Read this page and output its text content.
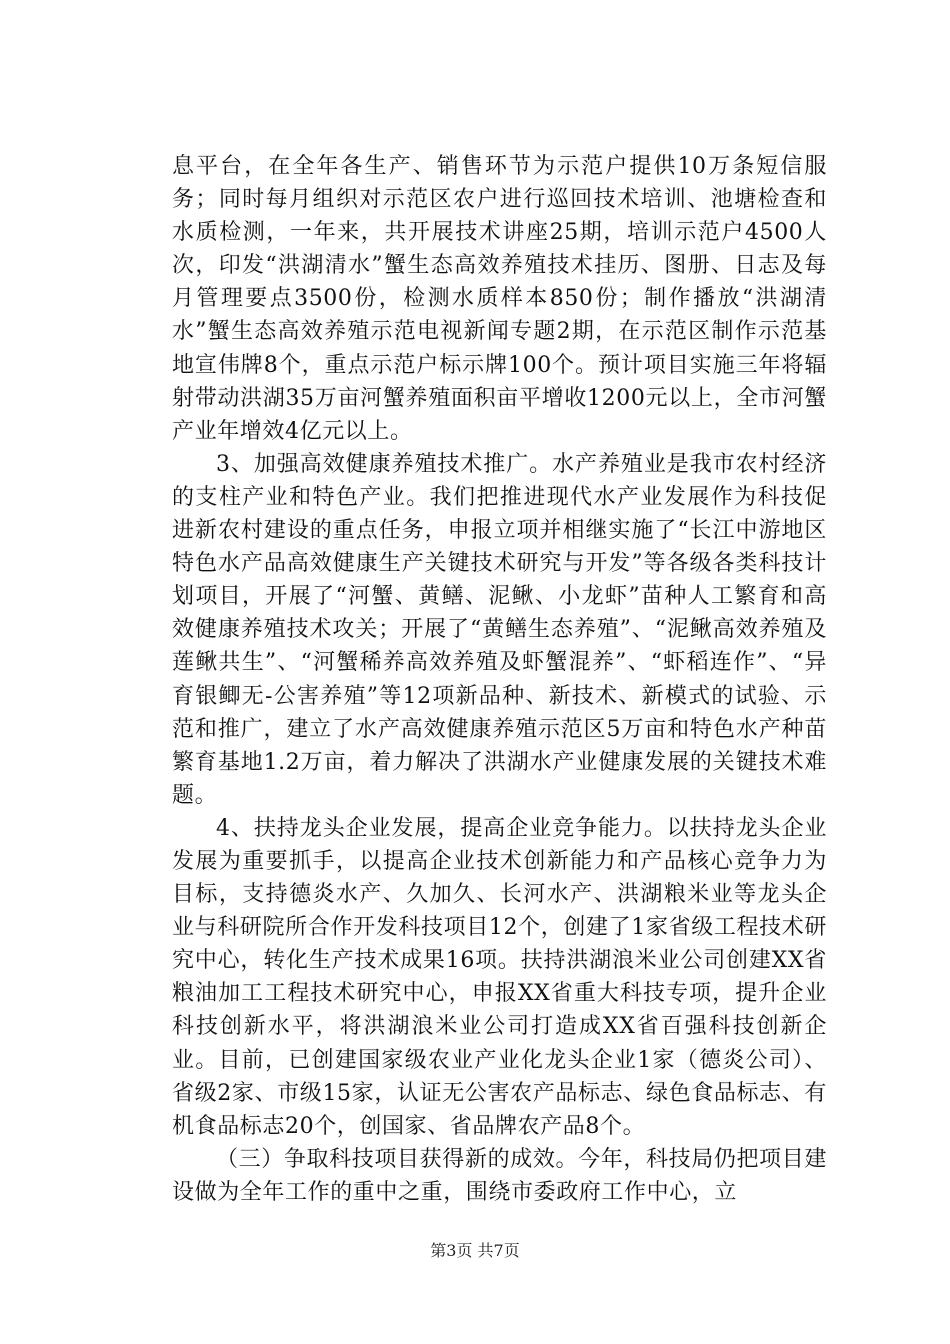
息平台，在全年各生产、销售环节为示范户提供10万条短信服务；同时每月组织对示范区农户进行巡回技术培训、池塘检查和水质检测，一年来，共开展技术讲座25期，培训示范户4500人次，印发“洪湖清水”蟹生态高效养殖技术挂历、图册、日志及每月管理要点3500份，检测水质样本850份；制作播放“洪湖清水”蟹生态高效养殖示范电视新闻专题2期，在示范区制作示范基地宣伟牌8个，重点示范户标示牌100个。预计项目实施三年将辐射带动洪湖35万亩河蟹养殖面积亩平增收1200元以上，全市河蟹产业年增效4亿元以上。

3、加强高效健康养殖技术推广。水产养殖业是我市农村经济的支柱产业和特色产业。我们把推进现代水产业发展作为科技促进新农村建设的重点任务，申报立项并相继实施了“长江中游地区特色水产品高效健康生产关键技术研究与开发”等各级各类科技计划项目，开展了“河蟹、黄鳝、泥鳅、小龙虾”苗种人工繁育和高效健康养殖技术攻关；开展了“黄鳝生态养殖”、“泥鳅高效养殖及莲鳅共生”、“河蟹稀养高效养殖及虾蟹混养”、“虾稻连作”、“异育银鲫无-公害养殖”等12项新品种、新技术、新模式的试验、示范和推广，建立了水产高效健康养殖示范区5万亩和特色水产种苗繁育基地1.2万亩，着力解决了洪湖水产业健康发展的关键技术难题。

4、扶持龙头企业发展，提高企业竞争能力。以扶持龙头企业发展为重要抓手，以提高企业技术创新能力和产品核心竞争力为目标，支持德炎水产、久加久、长河水产、洪湖粮米业等龙头企业与科研院所合作开发科技项目12个，创建了1家省级工程技术研究中心，转化生产技术成果16项。扶持洪湖浪米业公司创建XX省粮油加工工程技术研究中心，申报XX省重大科技专项，提升企业科技创新水平，将洪湖浪米业公司打造成XX省百强科技创新企业。目前，已创建国家级农业产业化龙头企业1家（德炎公司）、省级2家、市级15家，认证无公害农产品标志、绿色食品标志、有机食品标志20个，创国家、省品牌农产品8个。

（三）争取科技项目获得新的成效。今年，科技局仍把项目建设做为全年工作的重中之重，围绕市委政府工作中心，立

第3页 共7页
